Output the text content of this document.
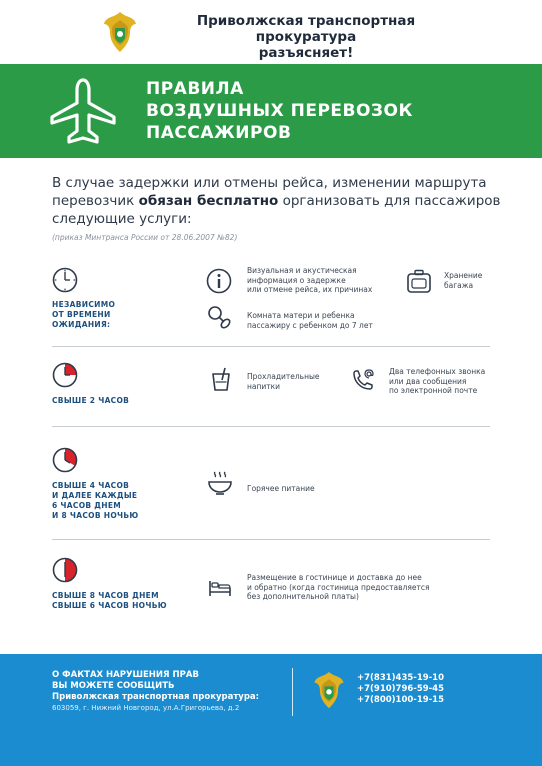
Приволжская транспортная прокуратура
разъясняет!
ПРАВИЛА
ВОЗДУШНЫХ ПЕРЕВОЗОК
ПАССАЖИРОВ
В случае задержки или отмены рейса, изменении маршрута перевозчик обязан бесплатно организовать для пассажиров следующие услуги:
(приказ Минтранса России от 28.06.2007 №82)
НЕЗАВИСИМО
ОТ ВРЕМЕНИ
ОЖИДАНИЯ:
Визуальная и акустическая
информация о задержке
или отмене рейса, их причинах
Хранение
багажа
Комната матери и ребенка
пассажиру с ребенком до 7 лет
СВЫШЕ 2 ЧАСОВ
Прохладительные
напитки
Два телефонных звонка
или два сообщения
по электронной почте
СВЫШЕ 4 ЧАСОВ
И ДАЛЕЕ КАЖДЫЕ
6 ЧАСОВ ДНЕМ
И 8 ЧАСОВ НОЧЬЮ
Горячее питание
СВЫШЕ 8 ЧАСОВ ДНЕМ
СВЫШЕ 6 ЧАСОВ НОЧЬЮ
Размещение в гостинице и доставка до нее
и обратно (когда гостиница предоставляется
без дополнительной платы)
О ФАКТАХ НАРУШЕНИЯ ПРАВ
ВЫ МОЖЕТЕ СООБЩИТЬ
Приволжская транспортная прокуратура:
603059, г. Нижний Новгород, ул.А.Григорьева, д.2
+7(831)435-19-10
+7(910)796-59-45
+7(800)100-19-15
